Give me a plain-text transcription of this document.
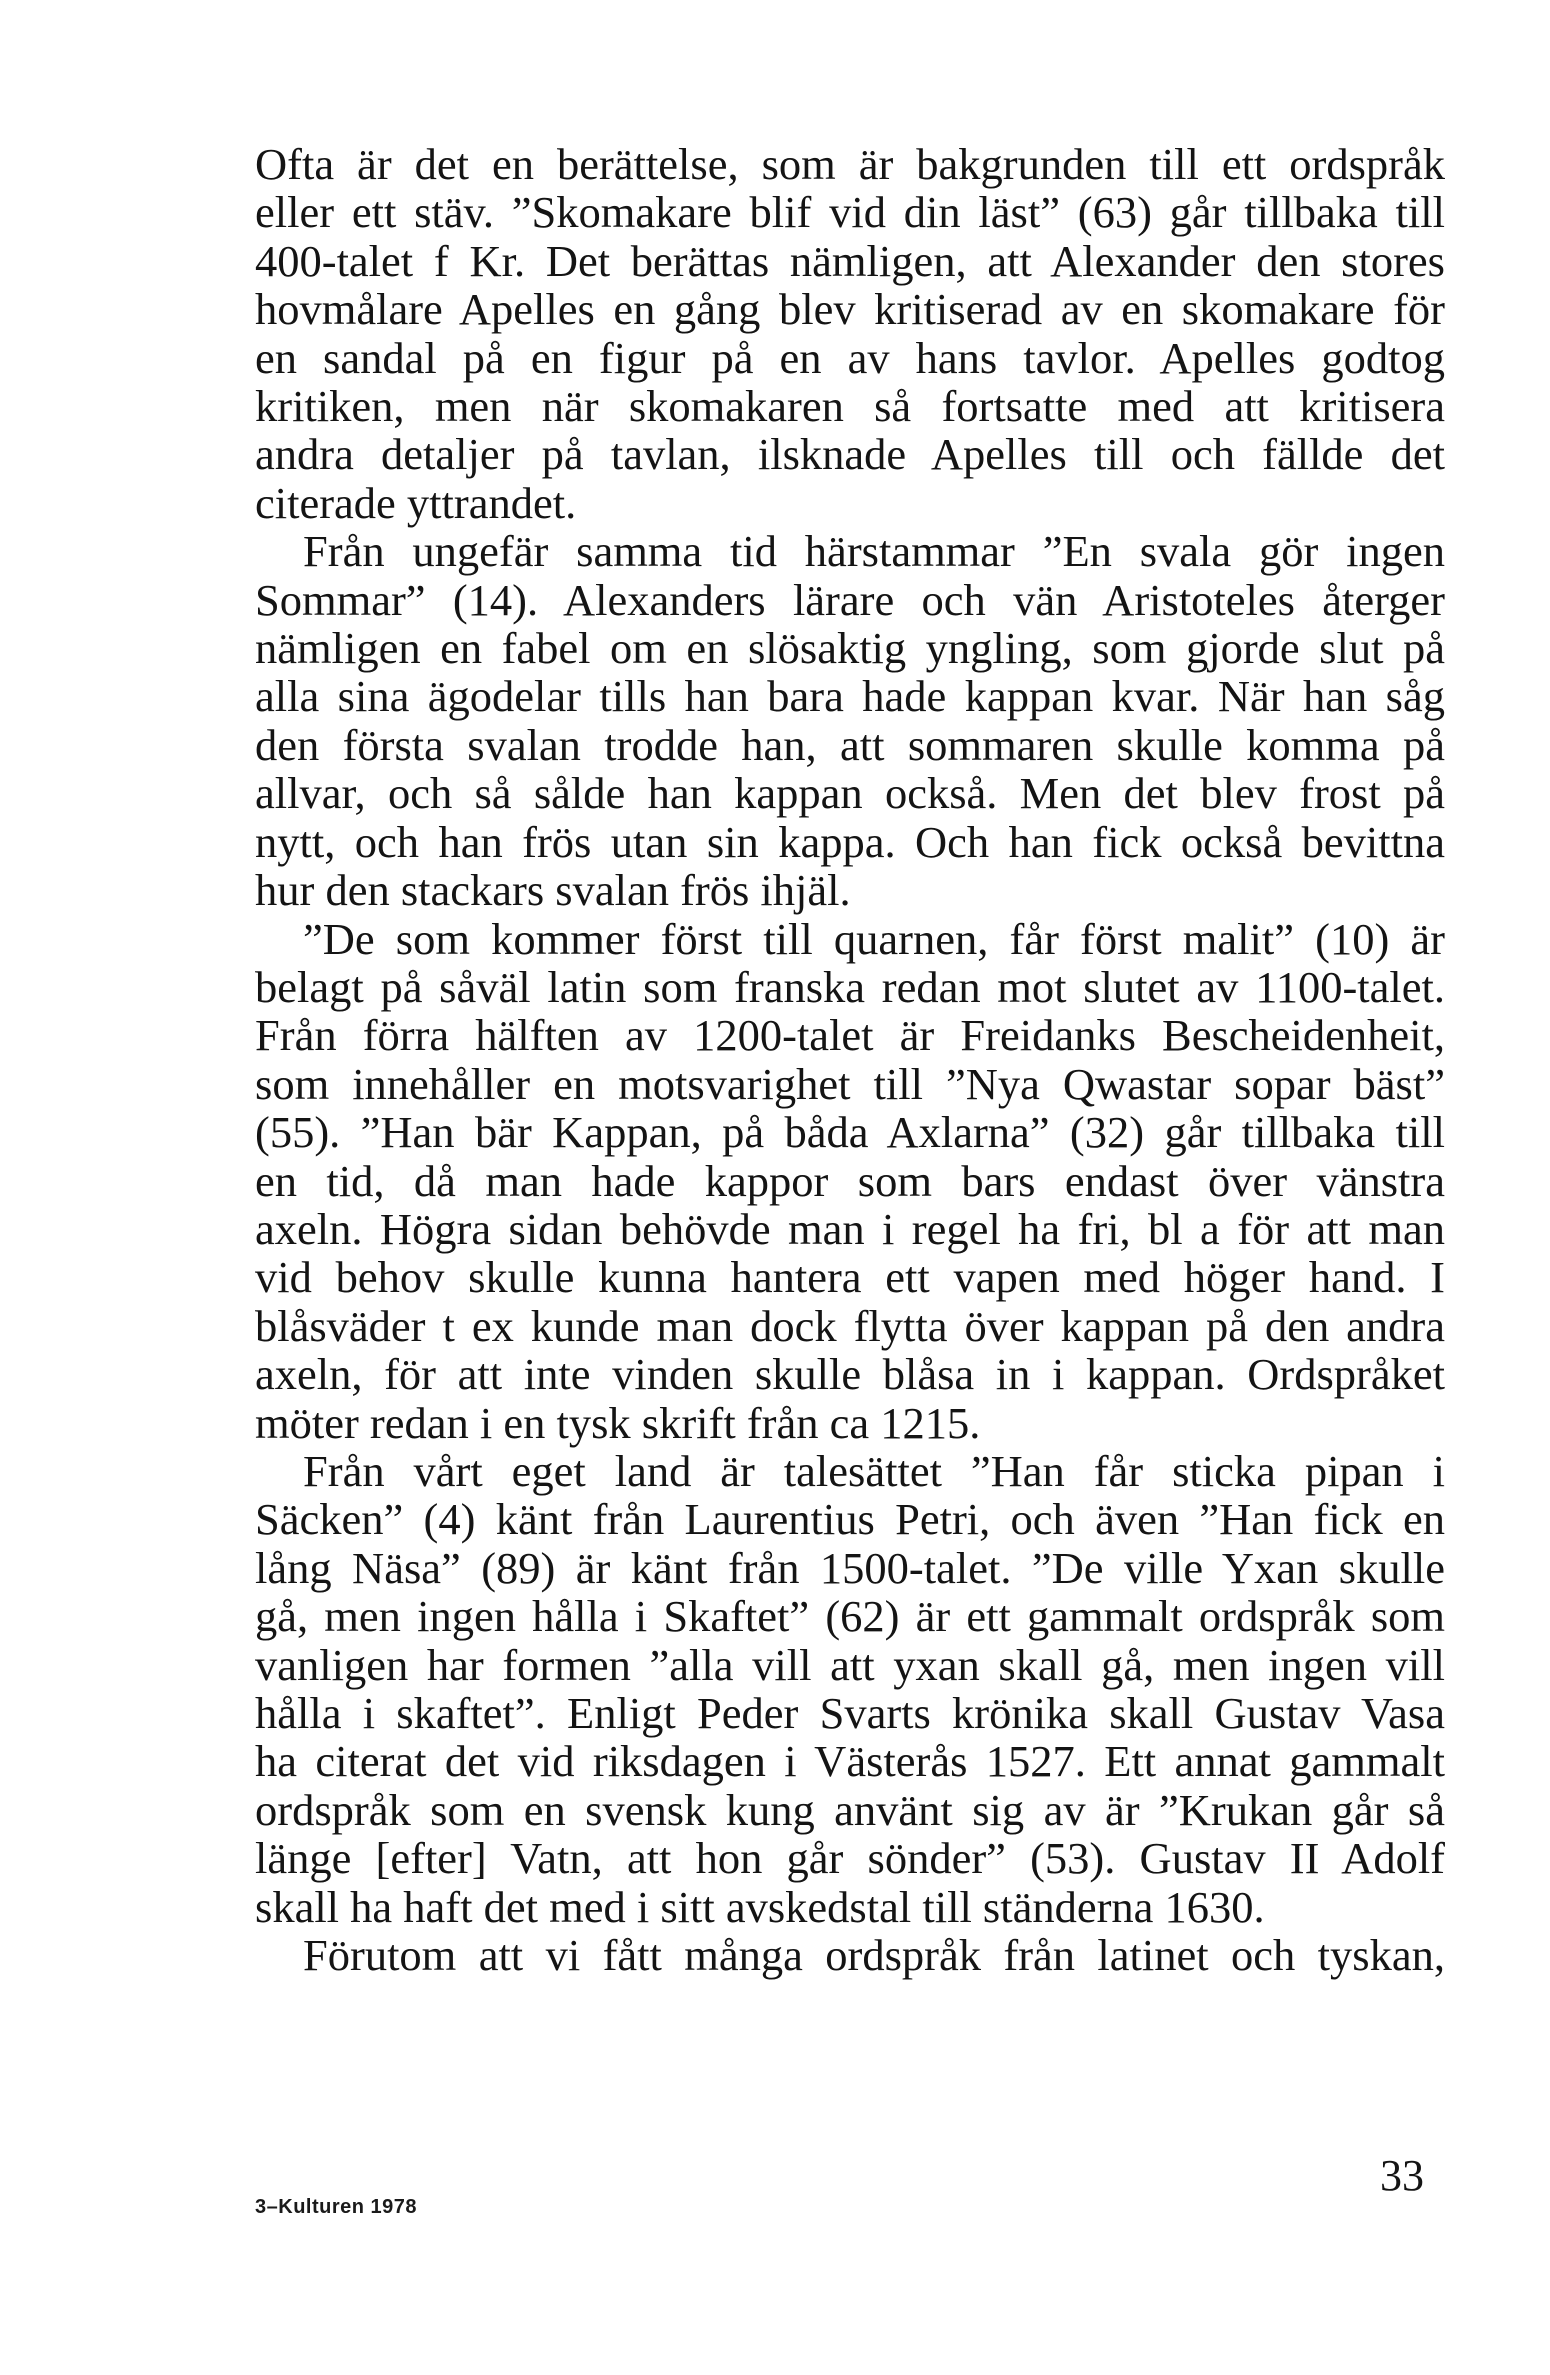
Ofta är det en berättelse, som är bakgrunden till ett ordspråk
eller ett stäv. ”Skomakare blif vid din läst” (63) går tillbaka till
400-talet f Kr. Det berättas nämligen, att Alexander den stores
hovmålare Apelles en gång blev kritiserad av en skomakare för
en sandal på en figur på en av hans tavlor. Apelles godtog
kritiken, men när skomakaren så fortsatte med att kritisera
andra detaljer på tavlan, ilsknade Apelles till och fällde det
citerade yttrandet.
Från ungefär samma tid härstammar ”En svala gör ingen
Sommar” (14). Alexanders lärare och vän Aristoteles återger
nämligen en fabel om en slösaktig yngling, som gjorde slut på
alla sina ägodelar tills han bara hade kappan kvar. När han såg
den första svalan trodde han, att sommaren skulle komma på
allvar, och så sålde han kappan också. Men det blev frost på
nytt, och han frös utan sin kappa. Och han fick också bevittna
hur den stackars svalan frös ihjäl.
”De som kommer först till quarnen, får först malit” (10) är
belagt på såväl latin som franska redan mot slutet av 1100-talet.
Från förra hälften av 1200-talet är Freidanks Bescheidenheit,
som innehåller en motsvarighet till ”Nya Qwastar sopar bäst”
(55). ”Han bär Kappan, på båda Axlarna” (32) går tillbaka till
en tid, då man hade kappor som bars endast över vänstra
axeln. Högra sidan behövde man i regel ha fri, bl a för att man
vid behov skulle kunna hantera ett vapen med höger hand. I
blåsväder t ex kunde man dock flytta över kappan på den andra
axeln, för att inte vinden skulle blåsa in i kappan. Ordspråket
möter redan i en tysk skrift från ca 1215.
Från vårt eget land är talesättet ”Han får sticka pipan i
Säcken” (4) känt från Laurentius Petri, och även ”Han fick en
lång Näsa” (89) är känt från 1500-talet. ”De ville Yxan skulle
gå, men ingen hålla i Skaftet” (62) är ett gammalt ordspråk som
vanligen har formen ”alla vill att yxan skall gå, men ingen vill
hålla i skaftet”. Enligt Peder Svarts krönika skall Gustav Vasa
ha citerat det vid riksdagen i Västerås 1527. Ett annat gammalt
ordspråk som en svensk kung använt sig av är ”Krukan går så
länge [efter] Vatn, att hon går sönder” (53). Gustav II Adolf
skall ha haft det med i sitt avskedstal till ständerna 1630.
Förutom att vi fått många ordspråk från latinet och tyskan,
3–Kulturen 1978
33
